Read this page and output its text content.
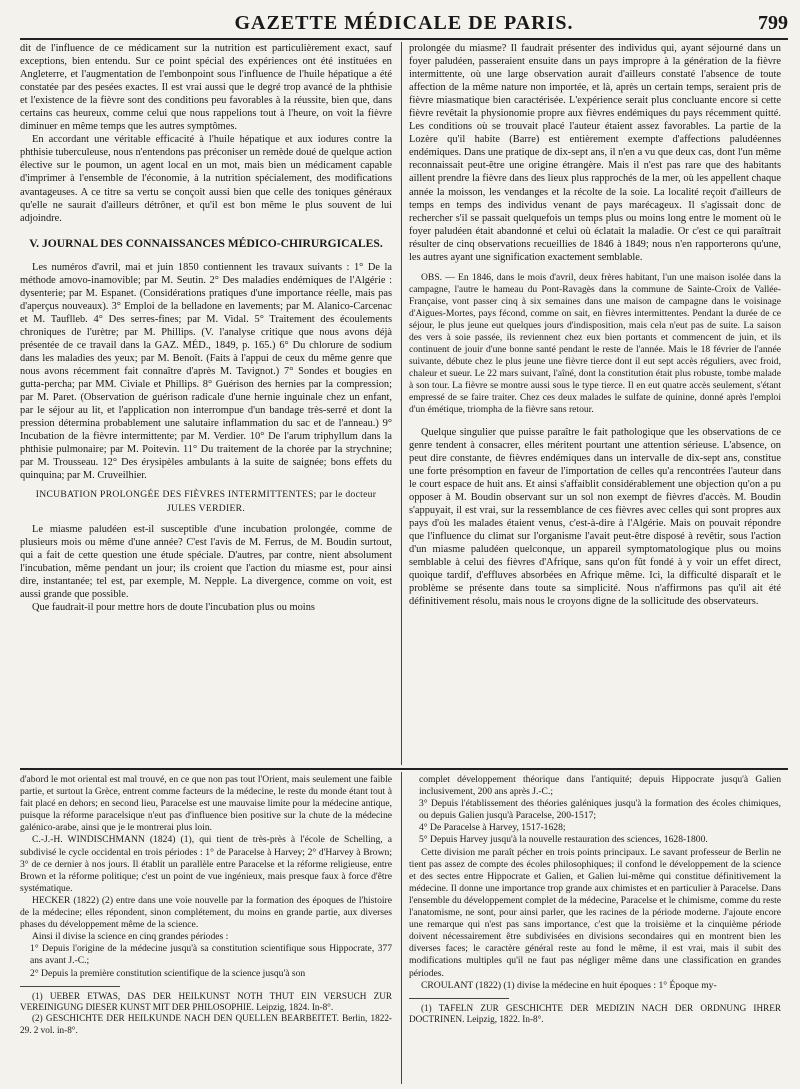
GAZETTE MÉDICALE DE PARIS.	799

dit de l'influence de ce médicament sur la nutrition est particulièrement exact, sauf exceptions, bien entendu. Sur ce point spécial des expériences ont été instituées en Angleterre, et l'augmentation de l'embonpoint sous l'influence de l'huile hépatique a été constatée par des pesées exactes. Il est vrai aussi que le degré trop avancé de la phthisie et l'existence de la fièvre sont des conditions peu favorables à la réussite, bien que, dans certains cas heureux, comme celui que nous rappelions tout à l'heure, on voit la fièvre diminuer en même temps que les autres symptômes.

En accordant une véritable efficacité à l'huile hépatique et aux iodures contre la phthisie tuberculeuse, nous n'entendons pas préconiser un remède doué de quelque action élective sur le poumon, un agent local en un mot, mais bien un médicament capable d'imprimer à l'ensemble de l'économie, à la nutrition spécialement, des modifications avantageuses. A ce titre sa vertu se conçoit aussi bien que celle des toniques généraux qu'elle ne saurait d'ailleurs détrôner, et qu'il est bon même le plus souvent de lui adjoindre.

V. JOURNAL DES CONNAISSANCES MÉDICO-CHIRURGICALES.

Les numéros d'avril, mai et juin 1850 contiennent les travaux suivants : 1° De la méthode amovo-inamovible; par M. Seutin. 2° Des maladies endémiques de l'Algérie : dysenterie; par M. Espanet. (Considérations pratiques d'une importance réelle, mais pas d'aperçus nouveaux). 3° Emploi de la belladone en lavements; par M. Alanico-Carcenac et M. Tauflleb. 4° Des serres-fines; par M. Vidal. 5° Traitement des écoulements chroniques de l'urètre; par M. Phillips. (V. l'analyse critique que nous avons déjà présentée de ce travail dans la GAZ. MÉD., 1849, p. 165.) 6° Du chlorure de sodium dans les maladies des yeux; par M. Benoît. (Faits à l'appui de ceux du même genre que nous avons récemment fait connaître d'après M. Tavignot.) 7° Sondes et bougies en gutta-percha; par MM. Civiale et Phillips. 8° Guérison des hernies par la compression; par M. Paret. (Observation de guérison radicale d'une hernie inguinale chez un enfant, par le séjour au lit, et l'application non interrompue d'un bandage très-serré et dont la pression détermina probablement une salutaire inflammation du sac et de l'anneau.) 9° Incubation de la fièvre intermittente; par M. Verdier. 10° De l'arum triphyllum dans la phthisie pulmonaire; par M. Poitevin. 11° Du traitement de la chorée par la strychnine; par M. Trousseau. 12° Des érysipèles ambulants à la suite de saignée; bons effets du quinquina; par M. Cruveilhier.

INCUBATION PROLONGÉE DES FIÈVRES INTERMITTENTES; par le docteur JULES VERDIER.

Le miasme paludéen est-il susceptible d'une incubation prolongée, comme de plusieurs mois ou même d'une année? C'est l'avis de M. Ferrus, de M. Boudin surtout, qui a fait de cette question une étude spéciale. D'autres, par contre, nient absolument l'incubation, même pendant un jour; ils croient que l'action du miasme est, pour ainsi dire, instantanée; tel est, par exemple, M. Nepple. La divergence, comme on voit, est aussi grande que possible.

Que faudrait-il pour mettre hors de doute l'incubation plus ou moins

prolongée du miasme? Il faudrait présenter des individus qui, ayant séjourné dans un foyer paludéen, passeraient ensuite dans un pays impropre à la génération de la fièvre intermittente, où une large observation aurait d'ailleurs constaté l'absence de toute affection de la même nature non importée, et là, après un certain temps, seraient pris de fièvre miasmatique bien caractérisée. L'expérience serait plus concluante encore si cette fièvre revêtait la physionomie propre aux fièvres endémiques du pays récemment quitté. Les conditions où se trouvait placé l'auteur étaient assez favorables. La partie de la Lozère qu'il habite (Barre) est entièrement exempte d'affections paludéennes endémiques. Dans une pratique de dix-sept ans, il n'en a vu que deux cas, dont l'un même reconnaissait peut-être une origine étrangère. Mais il n'est pas rare que des habitants aillent prendre la fièvre dans des lieux plus rapprochés de la mer, où les appellent chaque année la moisson, les vendanges et la récolte de la soie. La localité reçoit d'ailleurs de temps en temps des individus venant de pays marécageux. Il s'agissait donc de rechercher s'il se passait quelquefois un temps plus ou moins long entre le moment où le foyer paludéen était abandonné et celui où éclatait la maladie. Or c'est ce qui paraîtrait résulter de cinq observations recueillies de 1846 à 1849; nous n'en rapporterons qu'une, les autres ayant une signification exactement semblable.

OBS. — En 1846, dans le mois d'avril, deux frères habitant, l'un une maison isolée dans la campagne, l'autre le hameau du Pont-Ravagès dans la commune de Sainte-Croix de Vallée-Française, vont passer cinq à six semaines dans une maison de campagne dans le voisinage d'Aigues-Mortes, pays fécond, comme on sait, en fièvres intermittentes. Pendant la durée de ce séjour, le plus jeune eut quelques jours d'indisposition, mais cela n'eut pas de suite. La saison des vers à soie passée, ils reviennent chez eux bien portants et commencent de juin, et ils continuent de jouir d'une bonne santé pendant le reste de l'année. Mais le 18 février de l'année suivante, débute chez le plus jeune une fièvre tierce dont il eut sept accès réguliers, avec froid, chaleur et sueur. Le 22 mars suivant, l'aîné, dont la constitution était plus robuste, tombe malade à son tour. La fièvre se montre aussi sous le type tierce. Il en eut quatre accès seulement, s'étant empressé de se faire traiter. Chez ces deux malades le sulfate de quinine, donné après l'emploi d'un émétique, triompha de la fièvre sans retour.

Quelque singulier que puisse paraître le fait pathologique que les observations de ce genre tendent à consacrer, elles méritent pourtant une attention sérieuse. L'absence, on peut dire constante, de fièvres endémiques dans un intervalle de dix-sept ans, constitue une forte présomption en faveur de l'importation de celles qu'a rencontrées l'auteur dans le court espace de huit ans. Et ainsi s'affaiblit considérablement une objection qu'on a pu opposer à M. Boudin observant sur un sol non exempt de fièvres d'accès. M. Boudin s'appuyait, il est vrai, sur la ressemblance de ces fièvres avec celles qui sont propres aux pays d'où les malades étaient venus, c'est-à-dire à l'Algérie. Mais on pouvait répondre que l'influence du climat sur l'organisme l'avait peut-être disposé à revêtir, sous l'action d'un miasme paludéen quelconque, un appareil symptomatologique plus ou moins semblable à celui des fièvres d'Afrique, sans qu'on fût fondé à y voir un effet direct, quoique tardif, d'effluves absorbées en Afrique même. Ici, la difficulté disparaît et le problème se présente dans toute sa simplicité. Nous n'affirmons pas qu'il ait été définitivement résolu, mais nous le croyons digne de la sollicitude des observateurs.

d'abord le mot oriental est mal trouvé, en ce que non pas tout l'Orient, mais seulement une faible partie, et surtout la Grèce, entrent comme facteurs de la médecine, le reste du monde étant tout à fait placé en dehors; en second lieu, Paracelse est une mauvaise limite pour la médecine antique, puisque la réforme paracelsique n'eut pas d'influence bien positive sur la chute de la médecine galénico-arabe, ainsi que je le montrerai plus loin.

C.-J.-H. WINDISCHMANN (1824) (1), qui tient de très-près à l'école de Schelling, a subdivisé le cycle occidental en trois périodes : 1° de Paracelse à Harvey; 2° d'Harvey à Brown; 3° de ce dernier à nos jours. Il établit un parallèle entre Paracelse et la réforme religieuse, entre Brown et la réforme politique; c'est un point de vue ingénieux, mais presque faux à force d'être systématique.

HECKER (1822) (2) entre dans une voie nouvelle par la formation des époques de l'histoire de la médecine; elles répondent, sinon complétement, du moins en grande partie, aux diverses phases du développement même de la science.

Ainsi il divise la science en cinq grandes périodes :

1° Depuis l'origine de la médecine jusqu'à sa constitution scientifique sous Hippocrate, 377 ans avant J.-C.;

2° Depuis la première constitution scientifique de la science jusqu'à son

(1) UEBER ETWAS, DAS DER HEILKUNST NOTH THUT EIN VERSUCH ZUR VEREINIGUNG DIESER KUNST MIT DER PHILOSOPHIE. Leipzig, 1824. In-8°.

(2) GESCHICHTE DER HEILKUNDE NACH DEN QUELLEN BEARBEITET. Berlin, 1822-29. 2 vol. in-8°.

complet développement théorique dans l'antiquité; depuis Hippocrate jusqu'à Galien inclusivement, 200 ans après J.-C.;

3° Depuis l'établissement des théories galéniques jusqu'à la formation des écoles chimiques, ou depuis Galien jusqu'à Paracelse, 200-1517;

4° De Paracelse à Harvey, 1517-1628;

5° Depuis Harvey jusqu'à la nouvelle restauration des sciences, 1628-1800.

Cette division me paraît pécher en trois points principaux. Le savant professeur de Berlin ne tient pas assez de compte des écoles philosophiques; il confond le développement de la science et des sectes entre Hippocrate et Galien, et Galien lui-même qui constitue définitivement la médecine. Il donne une importance trop grande aux chimistes et en particulier à Paracelse. Dans l'ensemble du développement complet de la médecine, Paracelse et le chimisme, comme du reste l'anatomisme, ne sont, pour ainsi parler, que les racines de la période moderne. J'ajoute encore une remarque qui n'est pas sans importance, c'est que la troisième et la cinquième période doivent nécessairement être subdivisées en divisions secondaires qui en montrent bien les diverses faces; le caractère général reste au fond le même, il est vrai, mais il subit des modifications multiples qu'il ne faut pas négliger même dans une classification en grandes périodes.

CROULANT (1822) (1) divise la médecine en huit époques : 1° Époque my-

(1) TAFELN ZUR GESCHICHTE DER MEDIZIN NACH DER ORDNUNG IHRER DOCTRINEN. Leipzig, 1822. In-8°.
